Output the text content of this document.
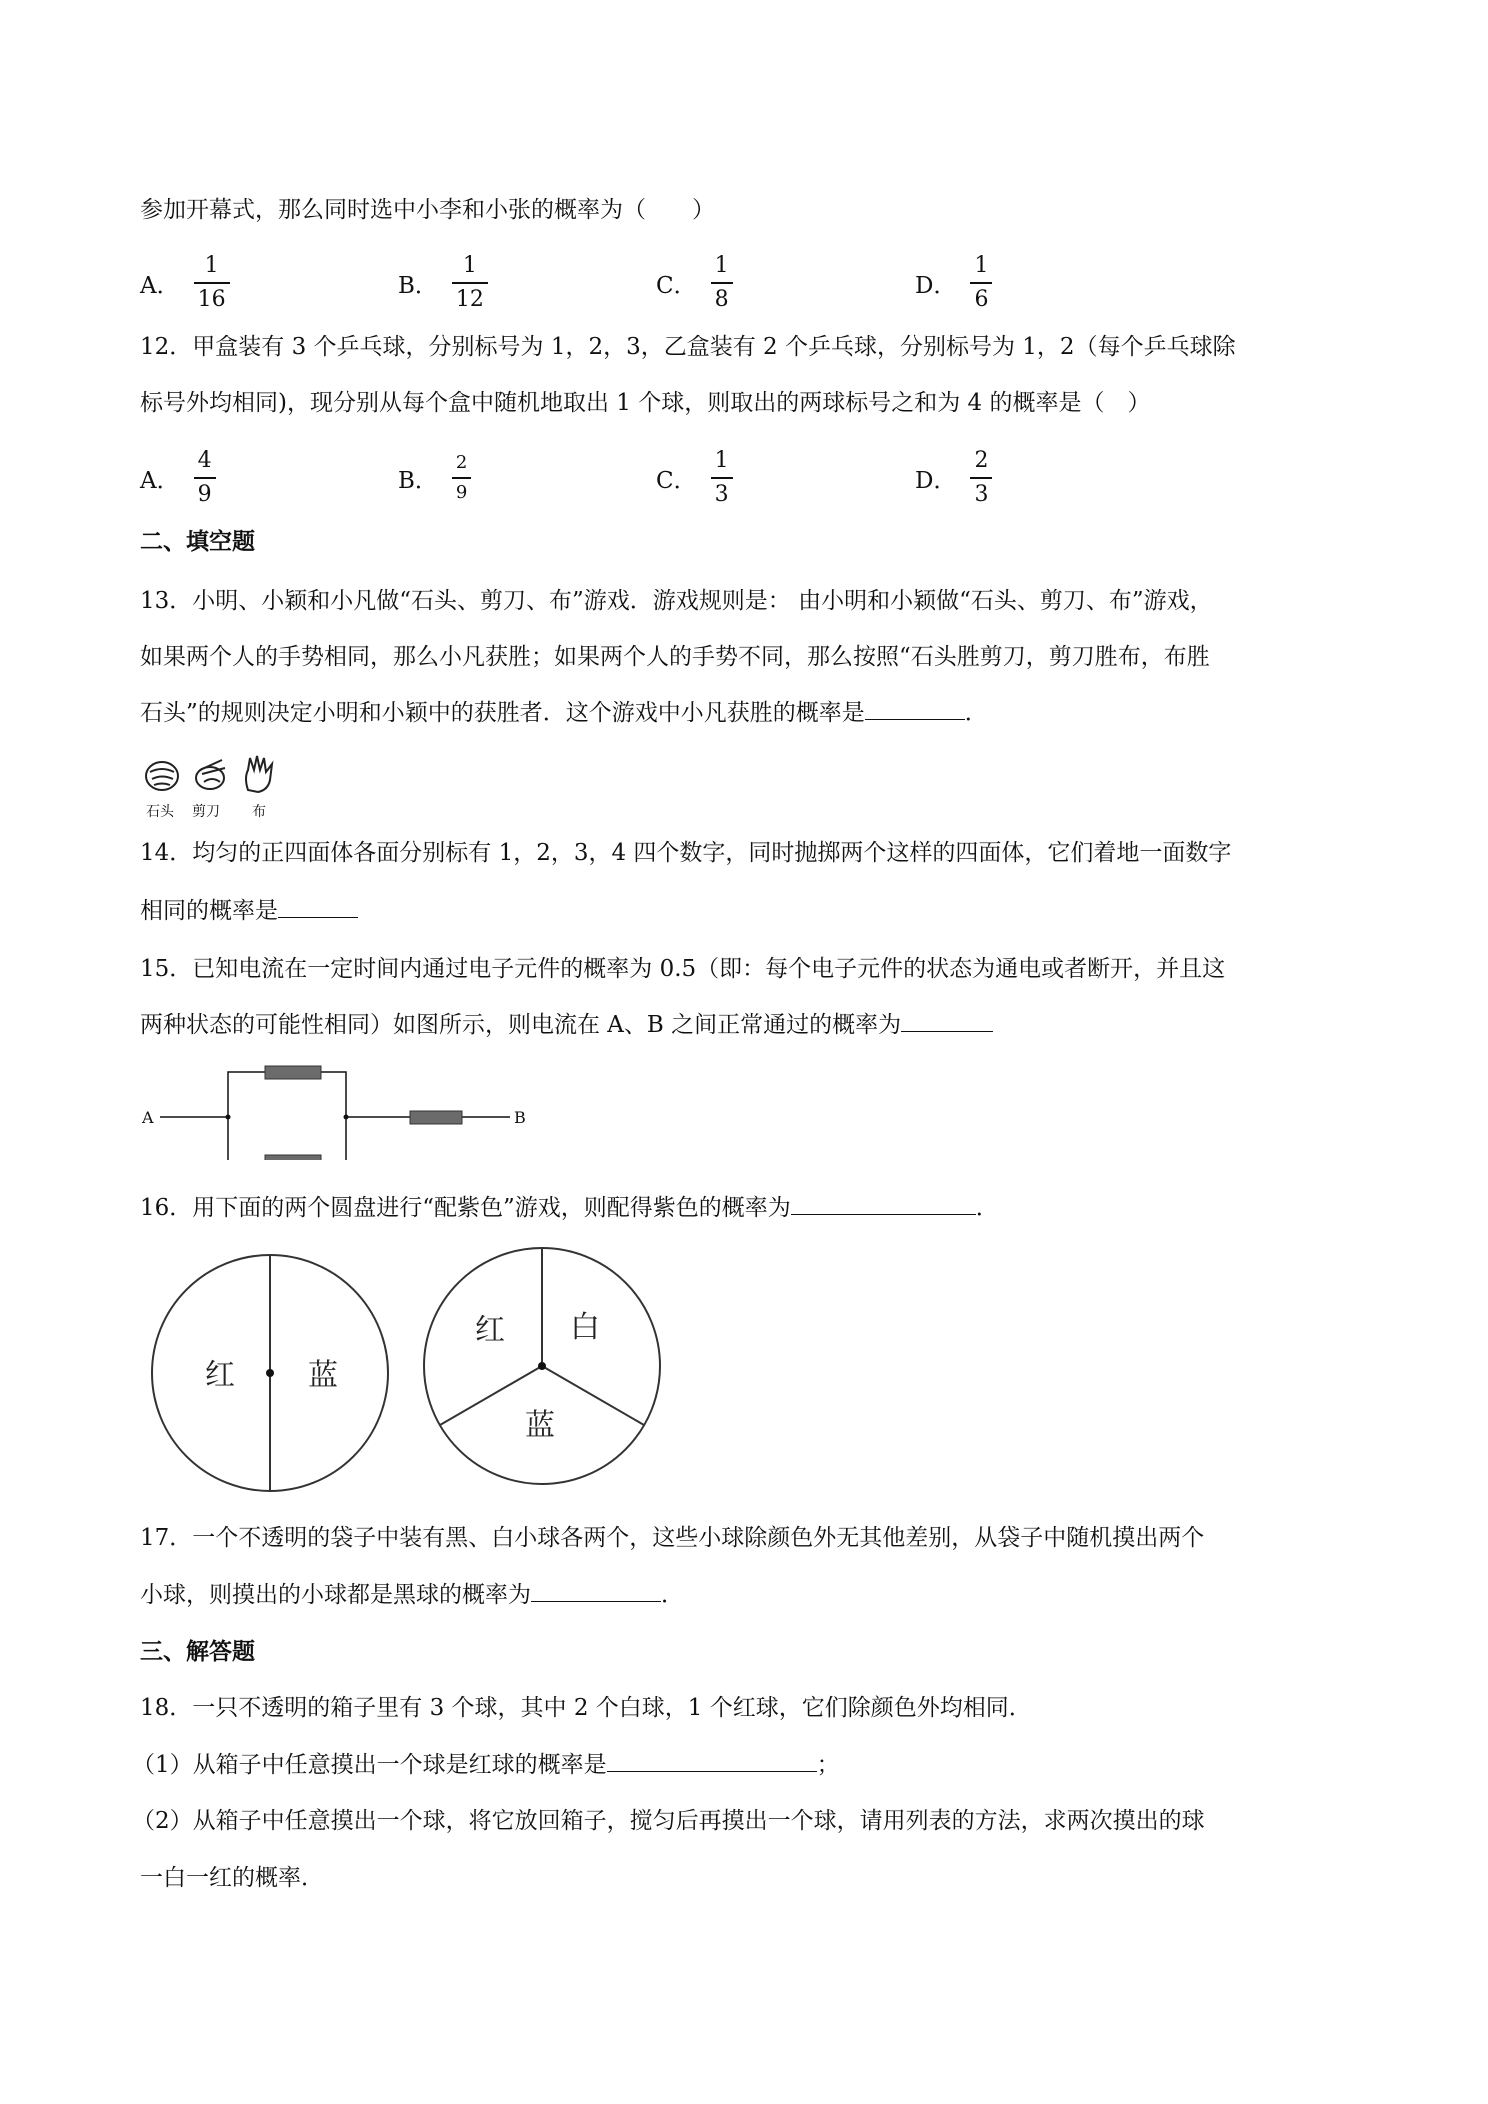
参加开幕式，那么同时选中小李和小张的概率为（　　）
A． $\frac{1}{16}$	B． $\frac{1}{12}$	C． $\frac{1}{8}$	D． $\frac{1}{6}$
12．甲盒装有 3 个乒乓球，分别标号为 1，2，3，乙盒装有 2 个乒乓球，分别标号为 1，2（每个乒乓球除
标号外均相同)，现分别从每个盒中随机地取出 1 个球，则取出的两球标号之和为 4 的概率是（　）
A． $\frac{4}{9}$	B． $\frac{2}{9}$	C． $\frac{1}{3}$	D． $\frac{2}{3}$
二、填空题
13．小明、小颖和小凡做“石头、剪刀、布”游戏．游戏规则是： 由小明和小颖做“石头、剪刀、布”游戏，
如果两个人的手势相同，那么小凡获胜；如果两个人的手势不同，那么按照“石头胜剪刀，剪刀胜布，布胜
石头”的规则决定小明和小颖中的获胜者．这个游戏中小凡获胜的概率是	．
石头 剪刀 布
14．均匀的正四面体各面分别标有 1，2，3，4 四个数字，同时抛掷两个这样的四面体，它们着地一面数字
相同的概率是
15．已知电流在一定时间内通过电子元件的概率为 0.5（即：每个电子元件的状态为通电或者断开，并且这
两种状态的可能性相同）如图所示，则电流在 A、B 之间正常通过的概率为
A	B
16．用下面的两个圆盘进行“配紫色”游戏，则配得紫色的概率为	．
红 蓝
红 白
蓝
17．一个不透明的袋子中装有黑、白小球各两个，这些小球除颜色外无其他差别，从袋子中随机摸出两个
小球，则摸出的小球都是黑球的概率为	．
三、解答题
18．一只不透明的箱子里有 3 个球，其中 2 个白球，1 个红球，它们除颜色外均相同．
（1）从箱子中任意摸出一个球是红球的概率是	；
（2）从箱子中任意摸出一个球，将它放回箱子，搅匀后再摸出一个球，请用列表的方法，求两次摸出的球
一白一红的概率．
